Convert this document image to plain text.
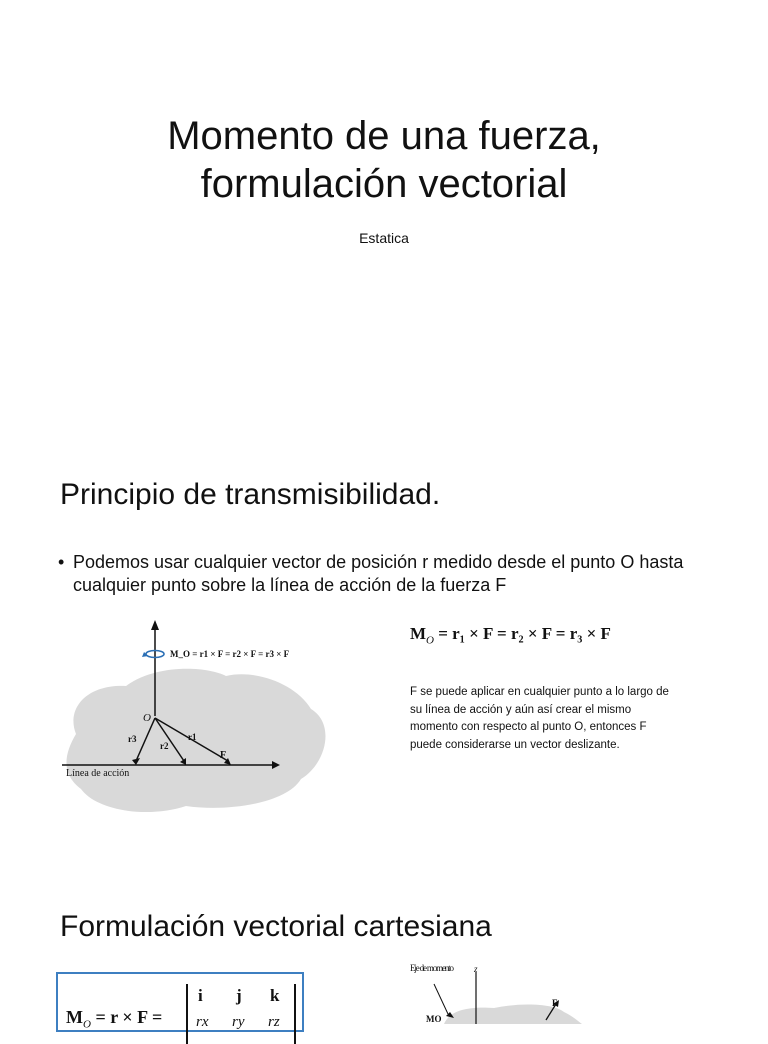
Momento de una fuerza,
formulación vectorial
Estatica
Principio de transmisibilidad.
• Podemos usar cualquier vector de posición r medido desde el punto O hasta cualquier punto sobre la línea de acción de la fuerza F
M_O = r1 × F = r2 × F = r3 × F
O
r3
r2
r1
F
Línea de acción
$M_O = r_1 \times F = r_2 \times F = r_3 \times F$
F se puede aplicar en cualquier punto a lo largo de su línea de acción y aún así crear el mismo momento con respecto al punto O, entonces F puede considerarse un vector deslizante.
Formulación vectorial cartesiana
$M_O = r \times F$ =
i j k
rx ry rz
Eje de momento z
F
MO
